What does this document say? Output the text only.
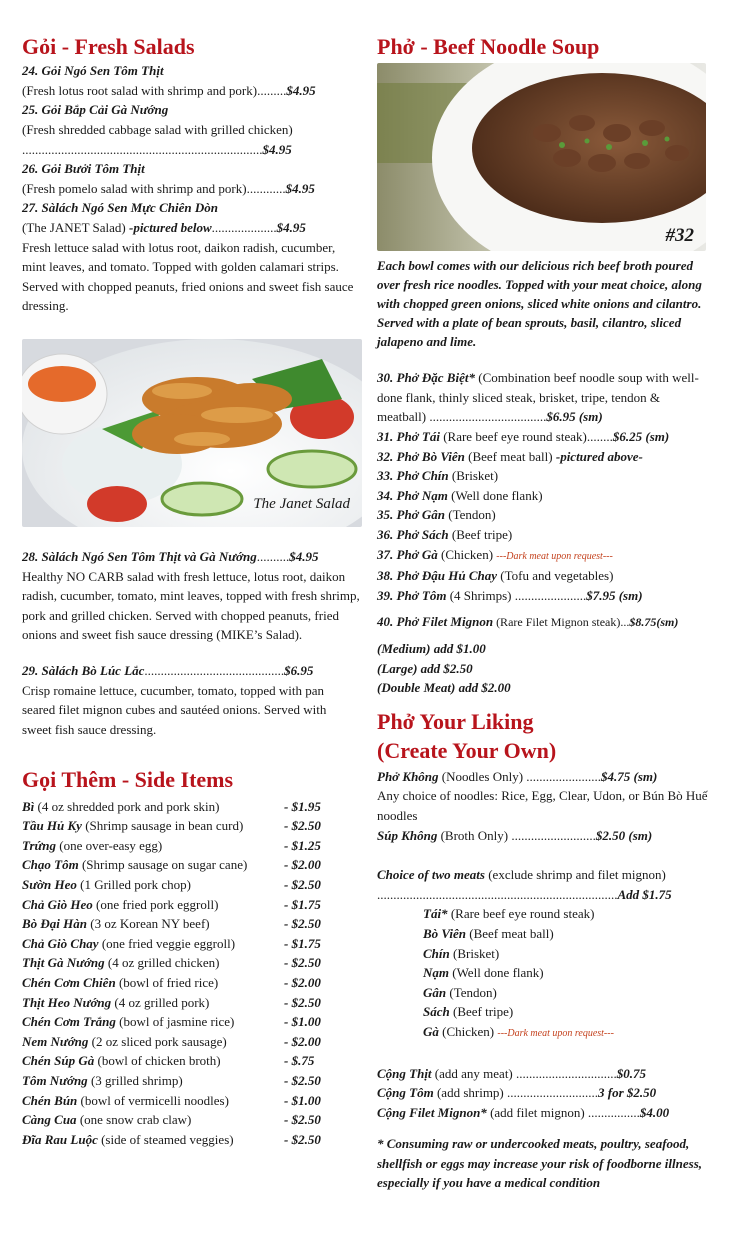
Gỏi - Fresh Salads
24. Gỏi Ngó Sen Tôm Thịt
(Fresh lotus root salad with shrimp and pork).........$4.95
25. Gỏi Bắp Cải Gà Nướng
(Fresh shredded cabbage salad with grilled chicken)
..........................................................................$4.95
26. Gỏi Bưởi Tôm Thịt
(Fresh pomelo salad with shrimp and pork)............$4.95
27. Sàlách Ngó Sen Mực Chiên Dòn
(The JANET Salad) -pictured below....................$4.95
Fresh lettuce salad with lotus root, daikon radish, cucumber, mint leaves, and tomato. Topped with golden calamari strips. Served with chopped peanuts, fried onions and sweet fish sauce dressing.
The Janet Salad
28. Sàlách Ngó Sen Tôm Thịt và Gà Nướng..........$4.95
Healthy NO CARB salad with fresh lettuce, lotus root, daikon radish, cucumber, tomato, mint leaves, topped with fresh shrimp, pork and grilled chicken. Served with chopped peanuts, fried onions and sweet fish sauce dressing (MIKE’s Salad).
29. Sàlách Bò Lúc Lắc...........................................$6.95
Crisp romaine lettuce, cucumber, tomato, topped with pan seared filet mignon cubes and sautéed onions. Served with sweet fish sauce dressing.
Gọi Thêm - Side Items
Bì (4 oz shredded pork and pork skin)	- $1.95
Tầu Hủ Ky (Shrimp sausage in bean curd)	- $2.50
Trứng (one over-easy egg)	- $1.25
Chạo Tôm (Shrimp sausage on sugar cane)	- $2.00
Sườn Heo (1 Grilled pork chop)	- $2.50
Chả Giò Heo (one fried pork eggroll)	- $1.75
Bò Đại Hàn (3 oz Korean NY beef)	- $2.50
Chả Giò Chay (one fried veggie eggroll)	- $1.75
Thịt Gà Nướng (4 oz grilled chicken)	- $2.50
Chén Cơm Chiên (bowl of fried rice)	- $2.00
Thịt Heo Nướng (4 oz grilled pork)	- $2.50
Chén Cơm Trắng (bowl of jasmine rice)	- $1.00
Nem Nướng (2 oz sliced pork sausage)	- $2.00
Chén Súp Gà (bowl of chicken broth)	- $.75
Tôm Nướng (3 grilled shrimp)	- $2.50
Chén Bún (bowl of vermicelli noodles)	- $1.00
Càng Cua (one snow crab claw)	- $2.50
Đĩa Rau Luộc (side of steamed veggies)	- $2.50
Phở - Beef Noodle Soup
#32
Each bowl comes with our delicious rich beef broth poured over fresh rice noodles. Topped with your meat choice, along with chopped green onions, sliced white onions and cilantro. Served with a plate of bean sprouts, basil, cilantro, sliced jalapeno and lime.
30. Phở Đặc Biệt* (Combination beef noodle soup with well-done flank, thinly sliced steak, brisket, tripe, tendon & meatball) ....................................$6.95 (sm)
31. Phở Tái (Rare beef eye round steak)........$6.25 (sm)
32. Phở Bò Viên (Beef meat ball) -pictured above-
33. Phở Chín (Brisket)
34. Phở Nạm (Well done flank)
35. Phở Gân (Tendon)
36. Phở Sách (Beef tripe)
37. Phở Gà (Chicken) ---Dark meat upon request---
38. Phở Đậu Hủ Chay (Tofu and vegetables)
39. Phở Tôm (4 Shrimps) ......................$7.95 (sm)
40. Phở Filet Mignon (Rare Filet Mignon steak)...$8.75(sm)
(Medium) add $1.00
(Large) add $2.50
(Double Meat) add $2.00
Phở Your Liking
(Create Your Own)
Phở Không (Noodles Only) .......................$4.75 (sm)
Any choice of noodles: Rice, Egg, Clear, Udon, or Bún Bò Huế noodles
Súp Không (Broth Only) ..........................$2.50 (sm)
Choice of two meats (exclude shrimp and filet mignon)
..........................................................................Add $1.75
Tái* (Rare beef eye round steak)
Bò Viên (Beef meat ball)
Chín (Brisket)
Nạm (Well done flank)
Gân (Tendon)
Sách (Beef tripe)
Gà (Chicken) ---Dark meat upon request---
Cộng Thịt (add any meat) ...............................$0.75
Cộng Tôm (add shrimp) ............................3 for $2.50
Cộng Filet Mignon* (add filet mignon) ................$4.00
* Consuming raw or undercooked meats, poultry, seafood, shellfish or eggs may increase your risk of foodborne illness, especially if you have a medical condition
